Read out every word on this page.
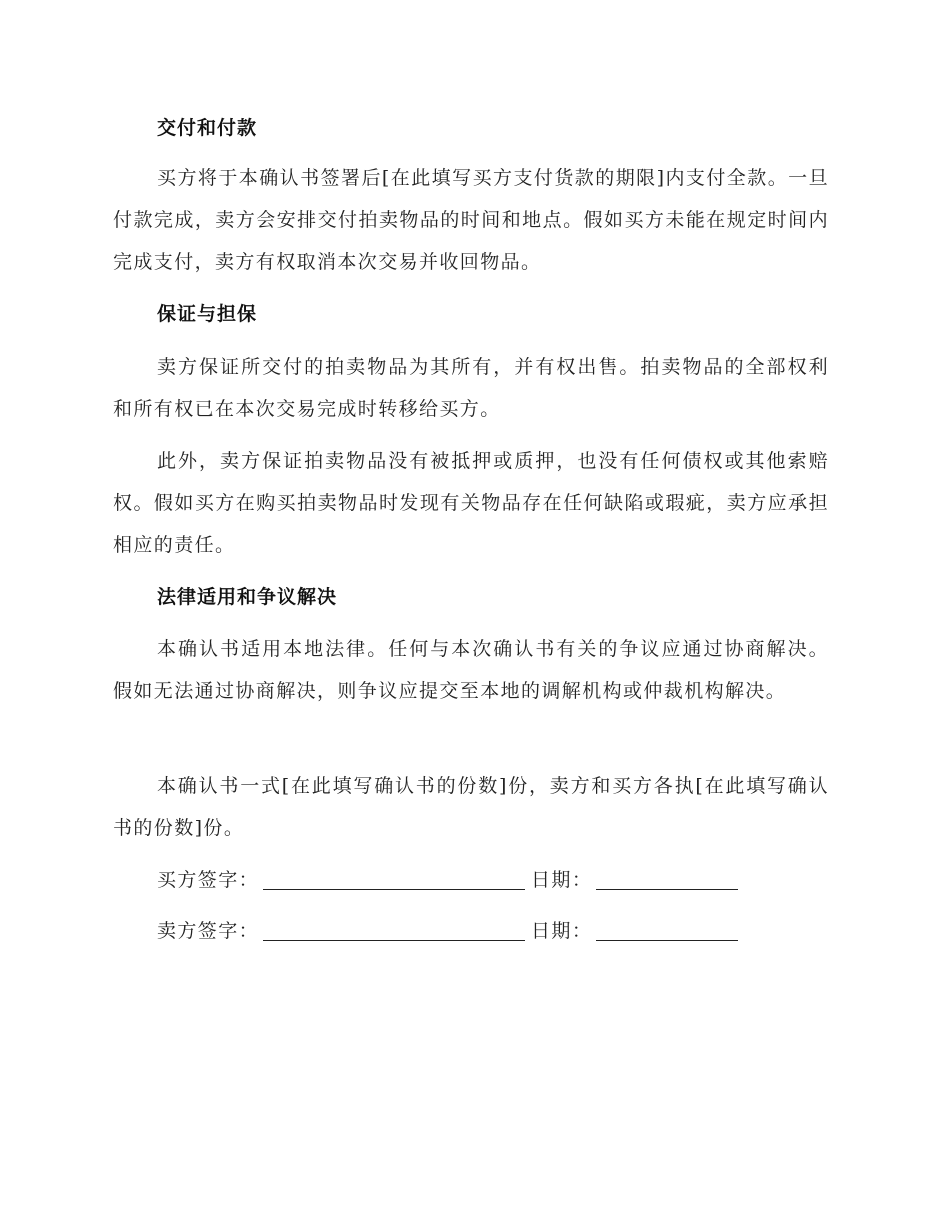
交付和付款
买方将于本确认书签署后[在此填写买方支付货款的期限]内支付全款。一旦付款完成，卖方会安排交付拍卖物品的时间和地点。假如买方未能在规定时间内完成支付，卖方有权取消本次交易并收回物品。
保证与担保
卖方保证所交付的拍卖物品为其所有，并有权出售。拍卖物品的全部权利和所有权已在本次交易完成时转移给买方。
此外，卖方保证拍卖物品没有被抵押或质押，也没有任何债权或其他索赔权。假如买方在购买拍卖物品时发现有关物品存在任何缺陷或瑕疵，卖方应承担相应的责任。
法律适用和争议解决
本确认书适用本地法律。任何与本次确认书有关的争议应通过协商解决。假如无法通过协商解决，则争议应提交至本地的调解机构或仲裁机构解决。
本确认书一式[在此填写确认书的份数]份，卖方和买方各执[在此填写确认书的份数]份。
买方签字：	日期：
卖方签字：	日期：
